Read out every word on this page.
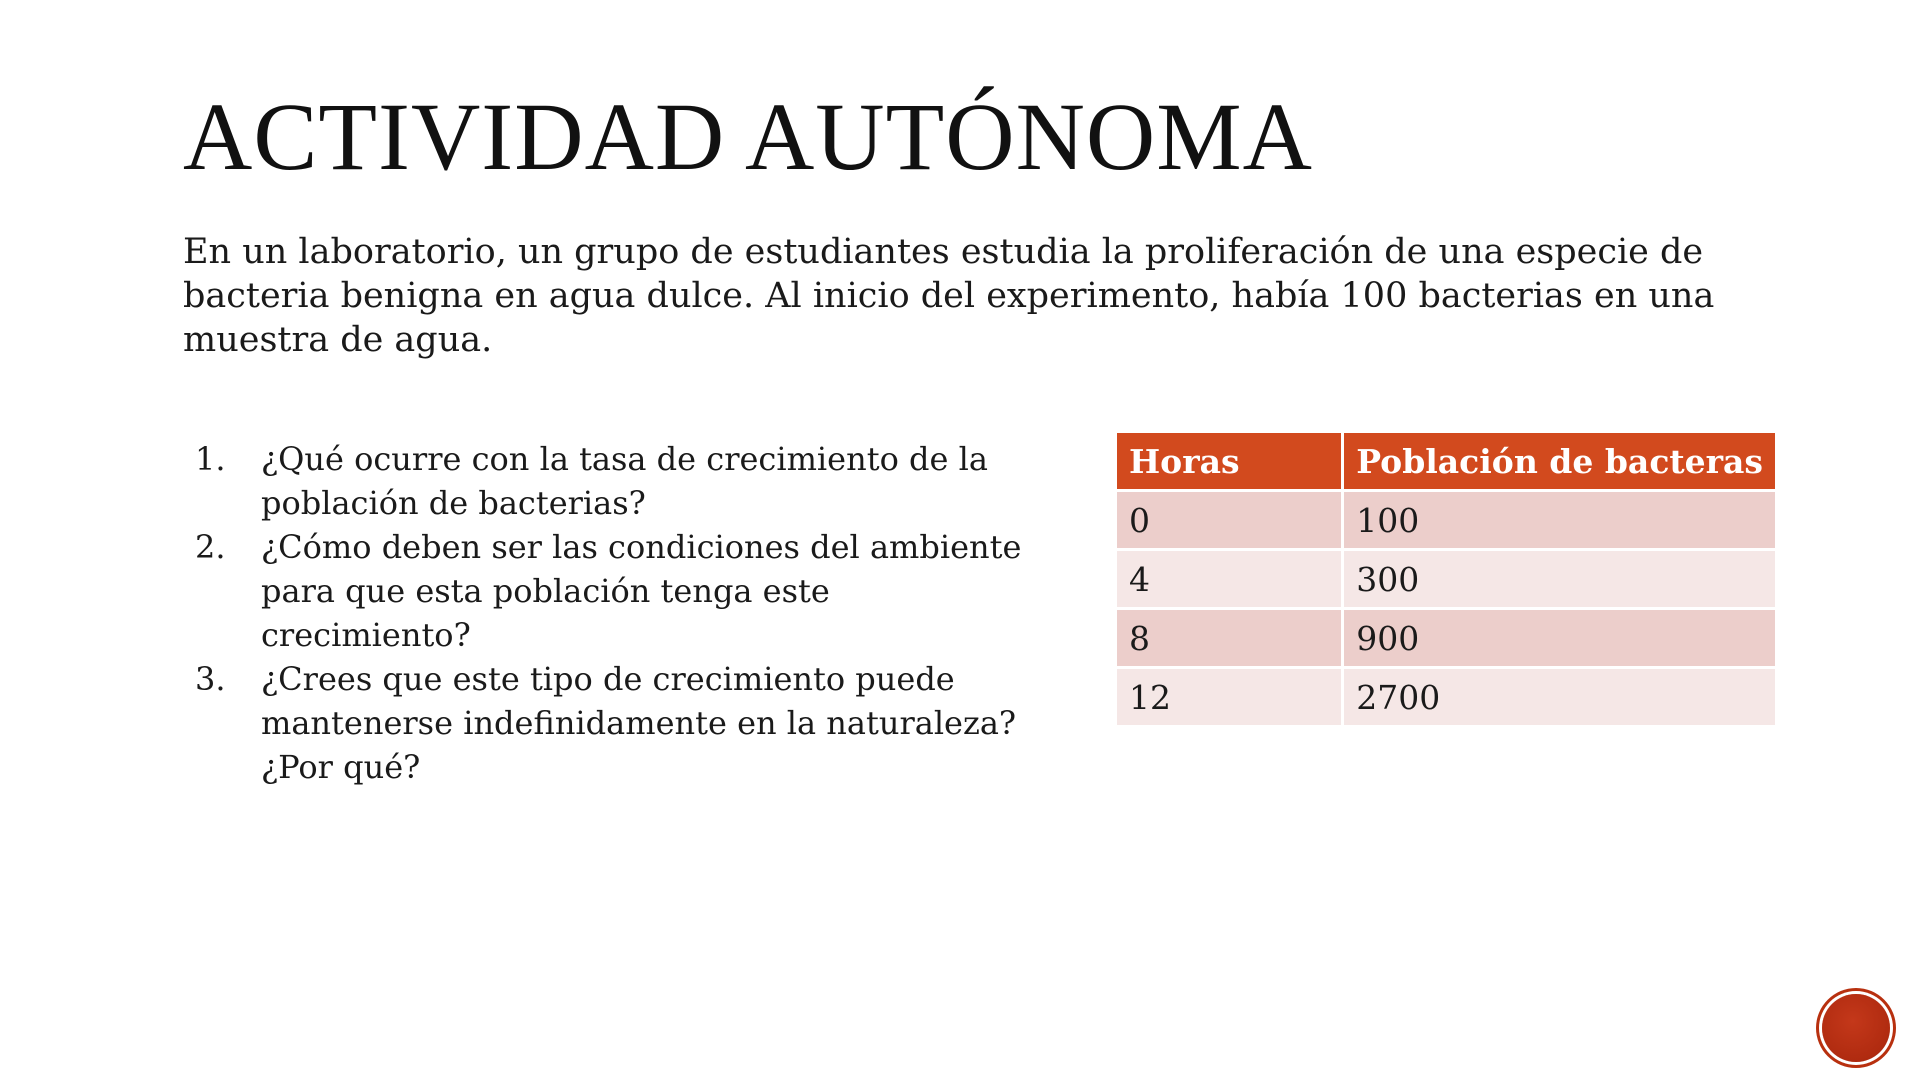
ACTIVIDAD AUTÓNOMA

En un laboratorio, un grupo de estudiantes estudia la proliferación de una especie de bacteria benigna en agua dulce. Al inicio del experimento, había 100 bacterias en una muestra de agua.

1. ¿Qué ocurre con la tasa de crecimiento de la población de bacterias?
2. ¿Cómo deben ser las condiciones del ambiente para que esta población tenga este crecimiento?
3. ¿Crees que este tipo de crecimiento puede mantenerse indefinidamente en la naturaleza? ¿Por qué?
Horas	Población de bacteras
0	100
4	300
8	900
12	2700
